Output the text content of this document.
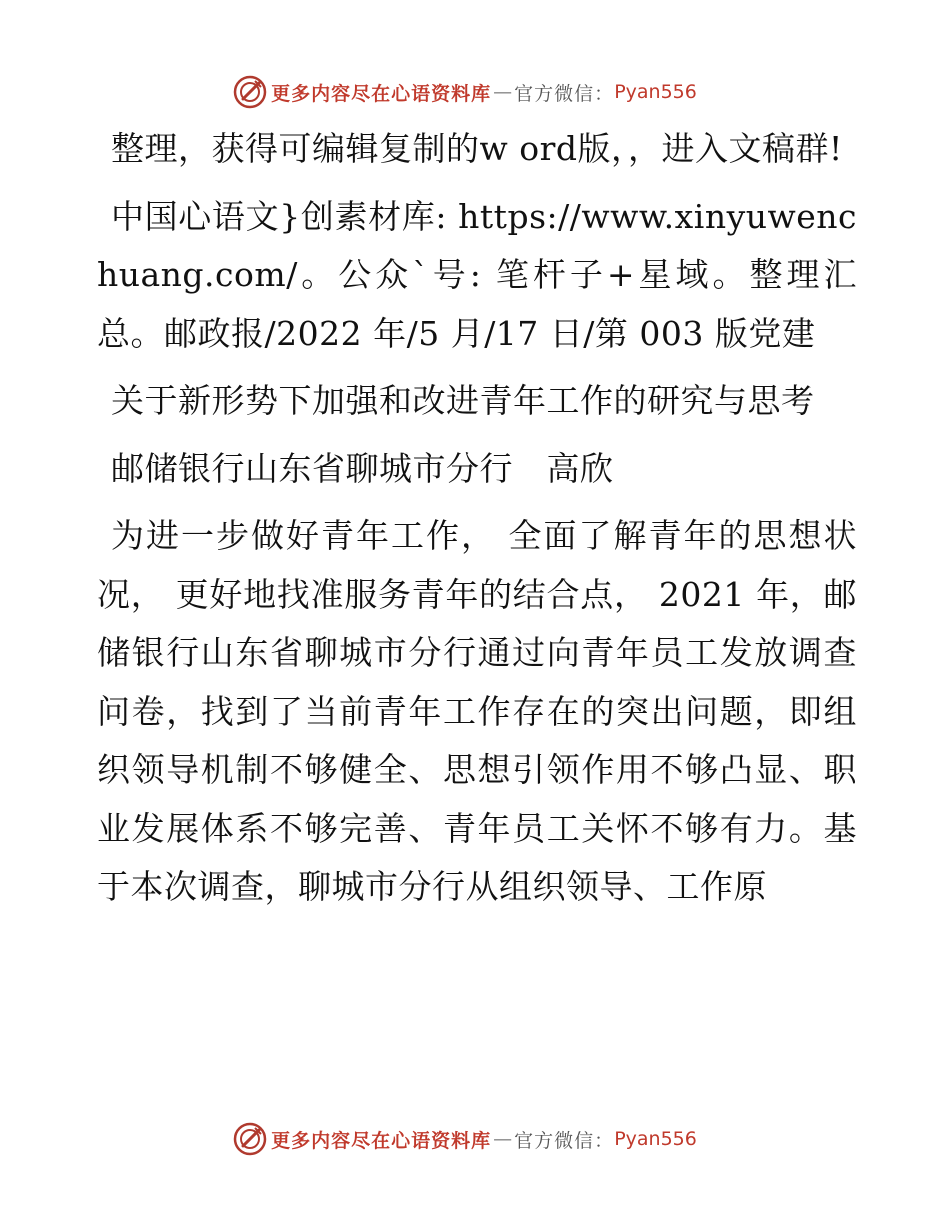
更多内容尽在心语资料库 — 官方微信： Pyan556

整理，获得可编辑复制的w ord版，，进入文稿群!

中国心语文}创素材库: https://www.xinyuwenchuang.com/。公众`号: 笔杆子+星域。整理汇总。邮政报/2022 年/5 月/17 日/第 003 版党建

关于新形势下加强和改进青年工作的研究与思考

邮储银行山东省聊城市分行　高欣

为进一步做好青年工作， 全面了解青年的思想状况， 更好地找准服务青年的结合点， 2021 年，邮储银行山东省聊城市分行通过向青年员工发放调查问卷，找到了当前青年工作存在的突出问题，即组织领导机制不够健全、思想引领作用不够凸显、职业发展体系不够完善、青年员工关怀不够有力。基于本次调查，聊城市分行从组织领导、工作原

更多内容尽在心语资料库 — 官方微信： Pyan556
